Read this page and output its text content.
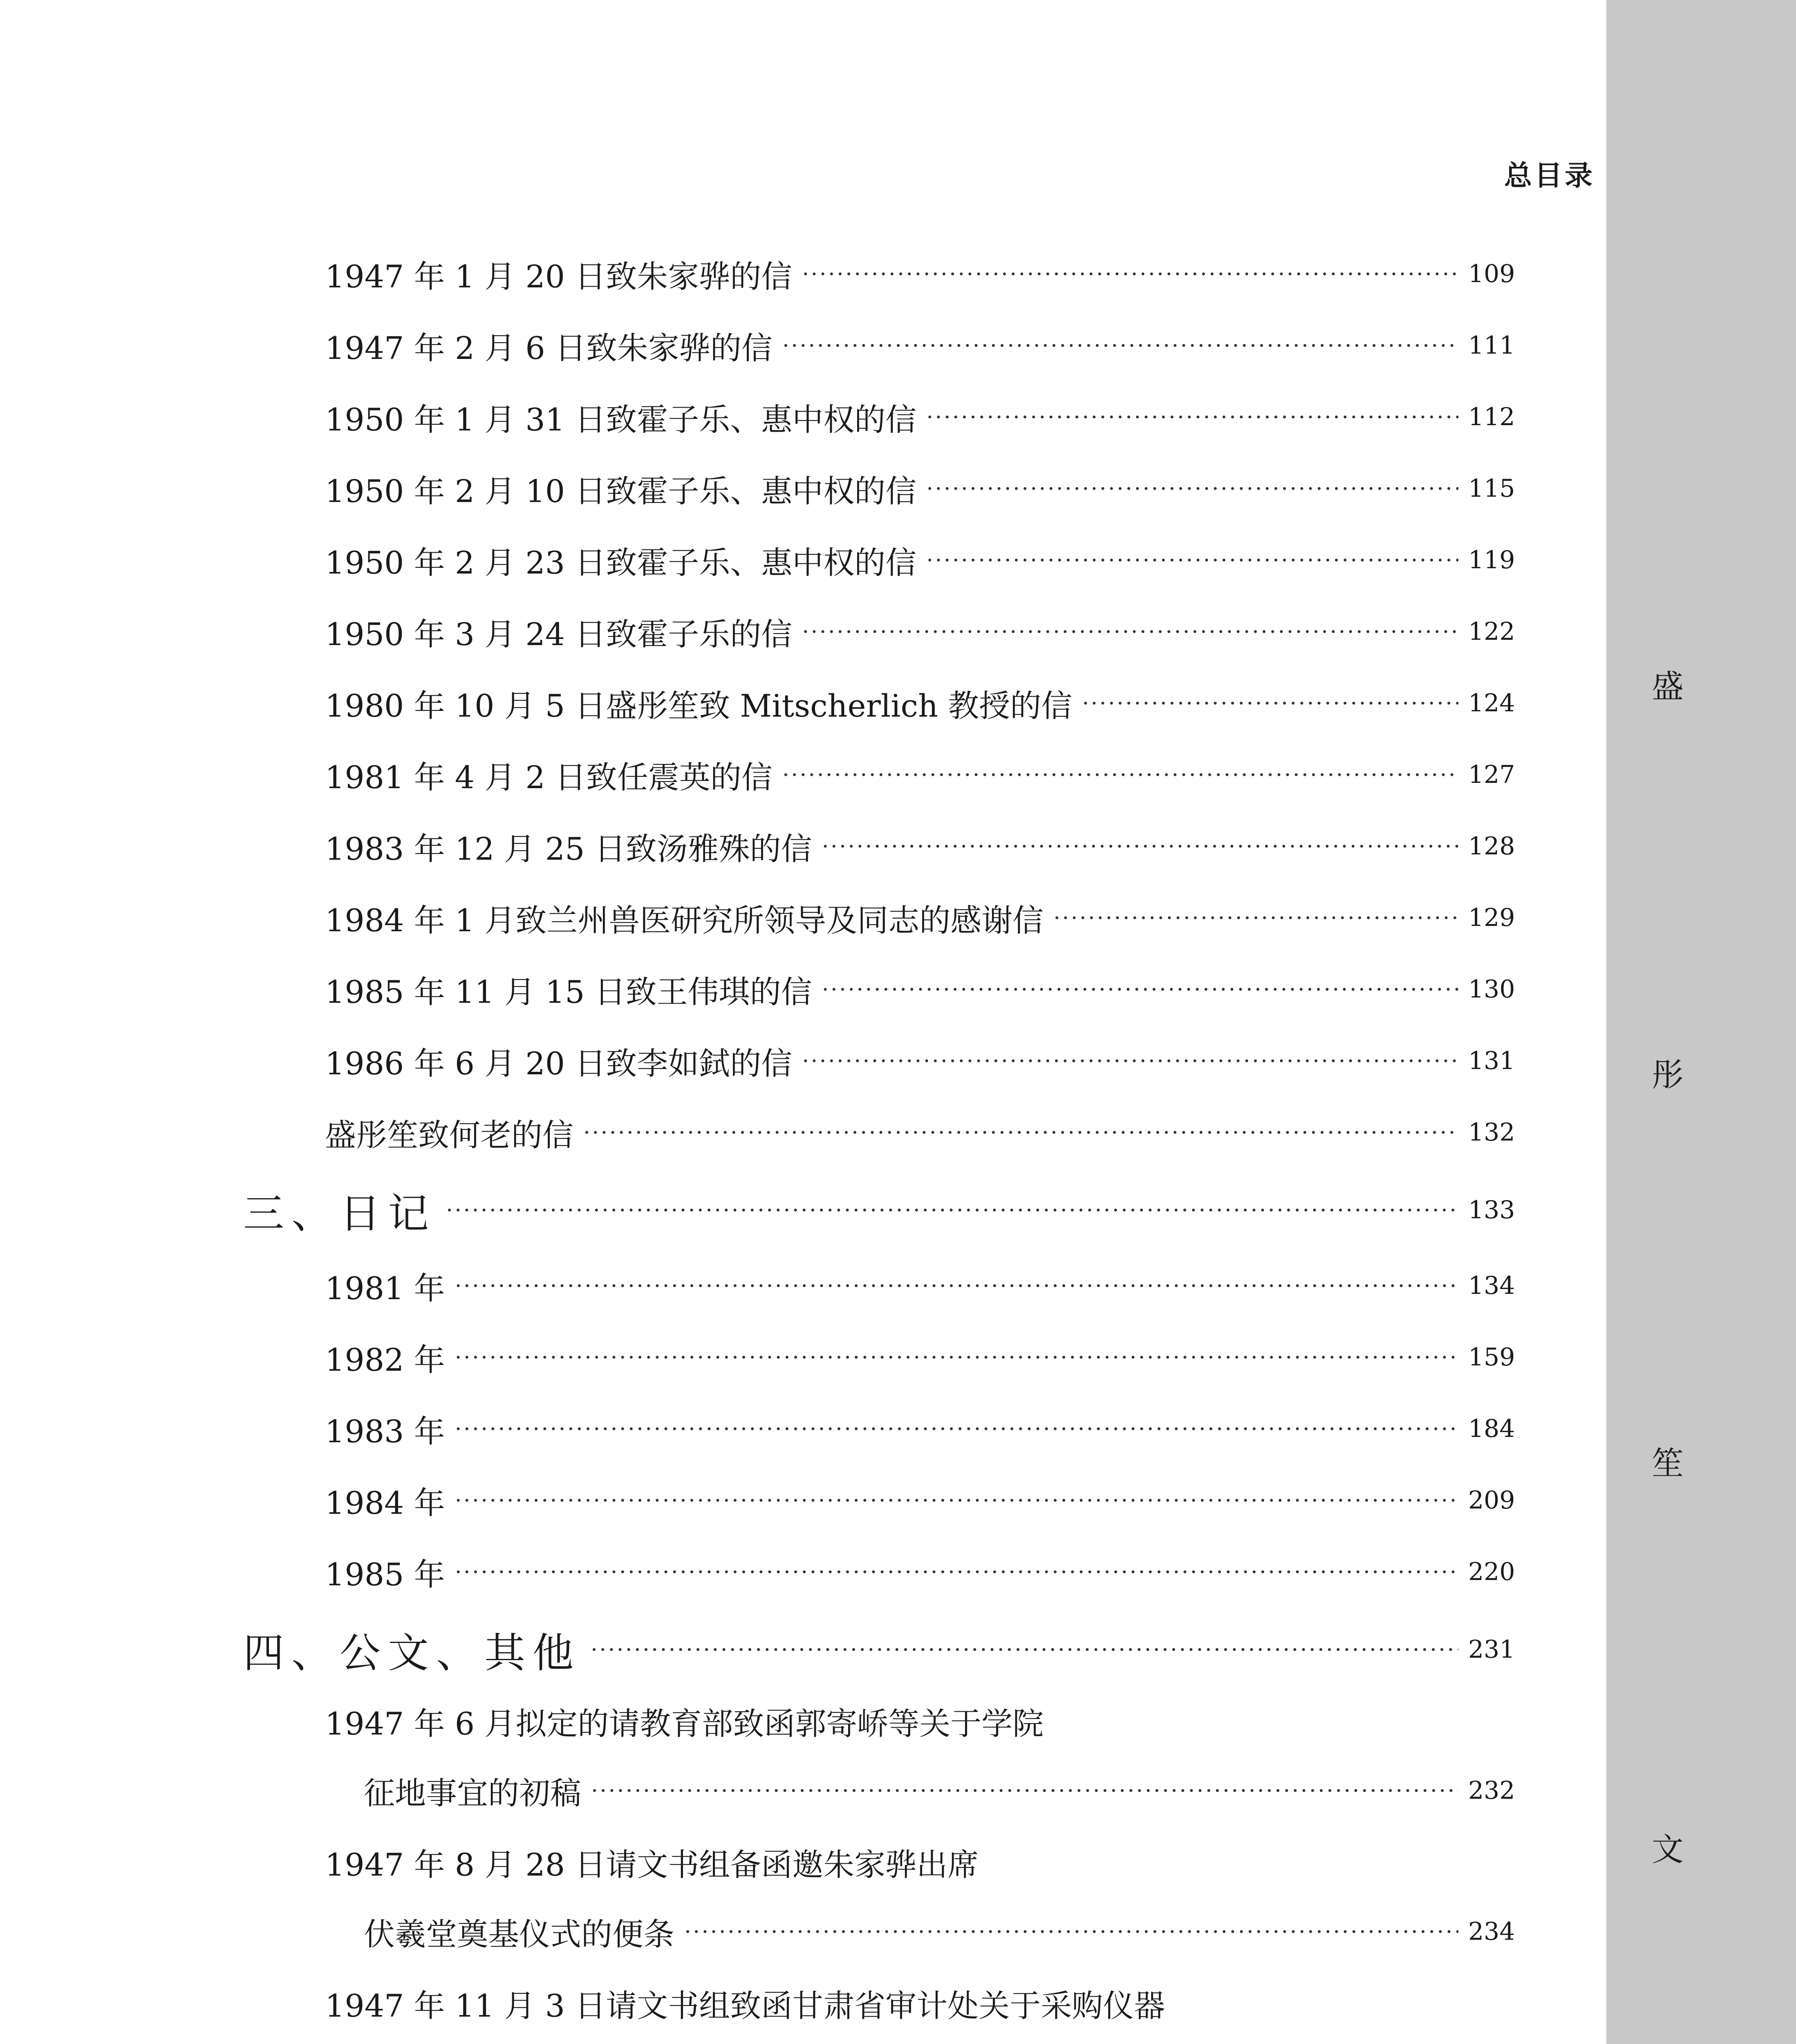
盛
彤
笙
文
总目录
1947 年 1 月 20 日致朱家骅的信 ·····	109
1947 年 2 月 6 日致朱家骅的信 ·····	111
1950 年 1 月 31 日致霍子乐、惠中权的信 ·····	112
1950 年 2 月 10 日致霍子乐、惠中权的信 ·····	115
1950 年 2 月 23 日致霍子乐、惠中权的信 ·····	119
1950 年 3 月 24 日致霍子乐的信 ·····	122
1980 年 10 月 5 日盛彤笙致 Mitscherlich 教授的信 ·····	124
1981 年 4 月 2 日致任震英的信 ·····	127
1983 年 12 月 25 日致汤雅殊的信 ·····	128
1984 年 1 月致兰州兽医研究所领导及同志的感谢信 ·····	129
1985 年 11 月 15 日致王伟琪的信 ·····	130
1986 年 6 月 20 日致李如鉽的信 ·····	131
盛彤笙致何老的信 ·····	132
三、日记 ·····	133
1981 年 ·····	134
1982 年 ·····	159
1983 年 ·····	184
1984 年 ·····	209
1985 年 ·····	220
四、公文、其他 ·····	231
1947 年 6 月拟定的请教育部致函郭寄峤等关于学院
征地事宜的初稿 ·····	232
1947 年 8 月 28 日请文书组备函邀朱家骅出席
伏羲堂奠基仪式的便条 ·····	234
1947 年 11 月 3 日请文书组致函甘肃省审计处关于采购仪器
